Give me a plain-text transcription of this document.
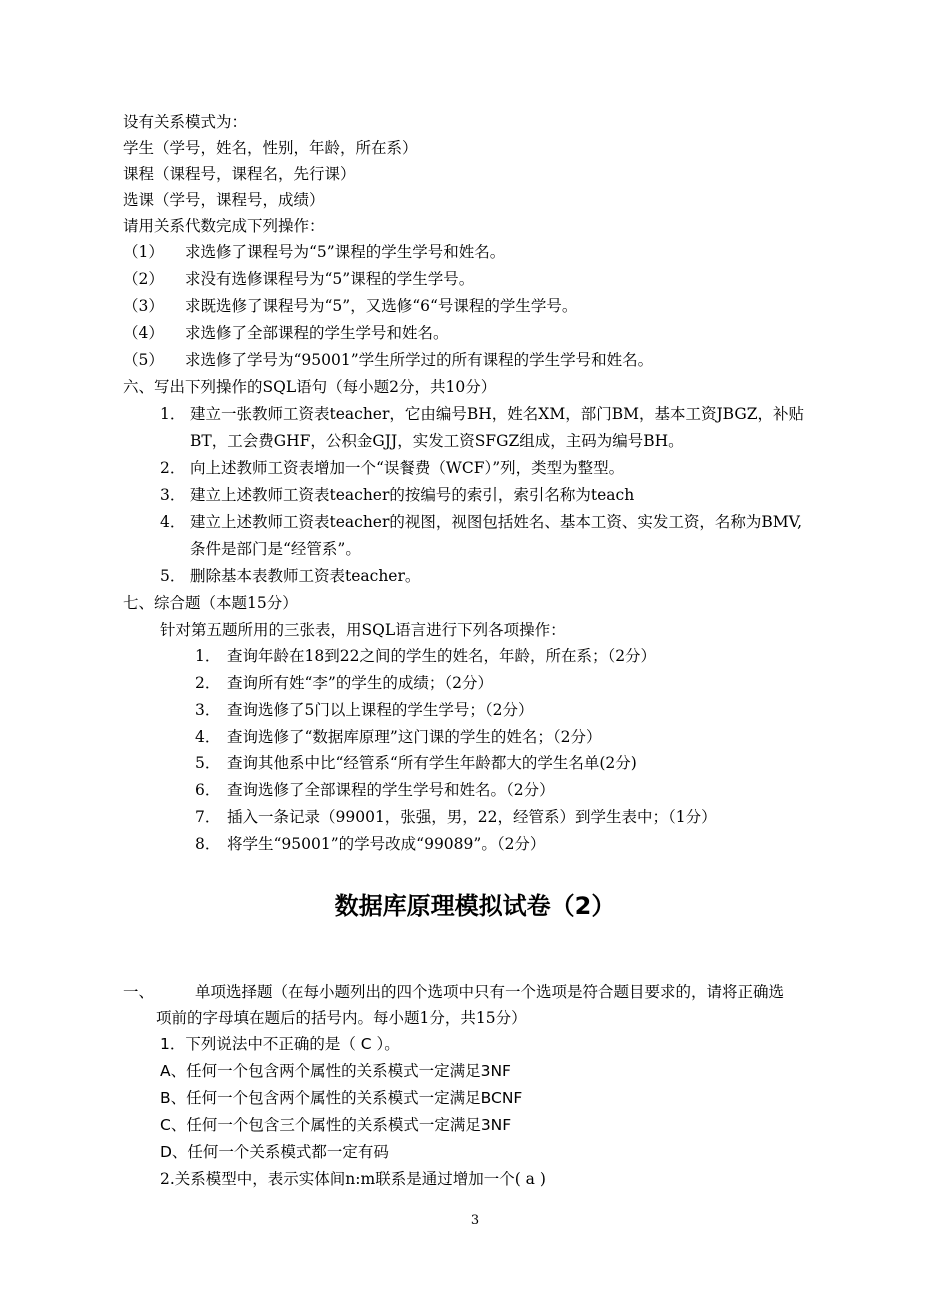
设有关系模式为：
学生（学号，姓名，性别，年龄，所在系）
课程（课程号，课程名，先行课）
选课（学号，课程号，成绩）
请用关系代数完成下列操作：
（1） 求选修了课程号为“5”课程的学生学号和姓名。
（2） 求没有选修课程号为“5”课程的学生学号。
（3） 求既选修了课程号为“5”，又选修“6“号课程的学生学号。
（4） 求选修了全部课程的学生学号和姓名。
（5） 求选修了学号为“95001”学生所学过的所有课程的学生学号和姓名。
六、写出下列操作的SQL语句（每小题2分，共10分）
1． 建立一张教师工资表teacher，它由编号BH，姓名XM，部门BM，基本工资JBGZ，补贴
BT，工会费GHF，公积金GJJ，实发工资SFGZ组成，主码为编号BH。
2． 向上述教师工资表增加一个“误餐费（WCF）”列，类型为整型。
3． 建立上述教师工资表teacher的按编号的索引，索引名称为teach
4． 建立上述教师工资表teacher的视图，视图包括姓名、基本工资、实发工资，名称为BMV,
条件是部门是“经管系”。
5． 删除基本表教师工资表teacher。
七、综合题（本题15分）
针对第五题所用的三张表，用SQL语言进行下列各项操作：
1． 查询年龄在18到22之间的学生的姓名，年龄，所在系；（2分）
2． 查询所有姓“李”的学生的成绩；（2分）
3． 查询选修了5门以上课程的学生学号；（2分）
4． 查询选修了“数据库原理”这门课的学生的姓名；（2分）
5． 查询其他系中比“经管系“所有学生年龄都大的学生名单(2分)
6． 查询选修了全部课程的学生学号和姓名。（2分）
7． 插入一条记录（99001，张强，男，22，经管系）到学生表中；（1分）
8． 将学生“95001”的学号改成“99089”。（2分）
数据库原理模拟试卷（2）
一、	单项选择题（在每小题列出的四个选项中只有一个选项是符合题目要求的，请将正确选
项前的字母填在题后的括号内。每小题1分，共15分）
1．下列说法中不正确的是（ C ）。
A、任何一个包含两个属性的关系模式一定满足3NF
B、任何一个包含两个属性的关系模式一定满足BCNF
C、任何一个包含三个属性的关系模式一定满足3NF
D、任何一个关系模式都一定有码
2.关系模型中，表示实体间n:m联系是通过增加一个( a )
3
